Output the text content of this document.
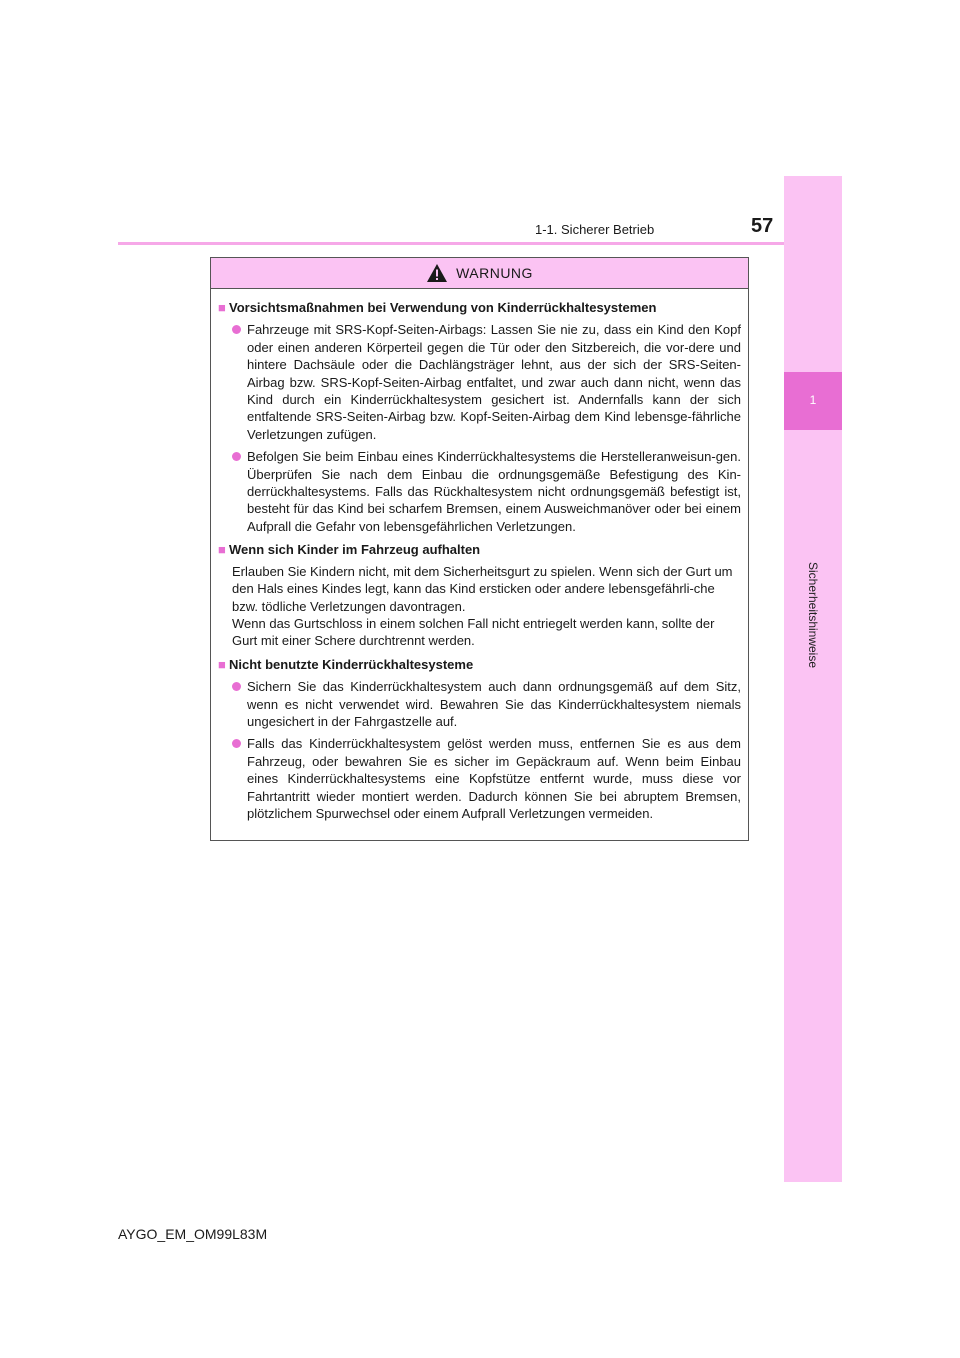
1
Sicherheitshinweise
1-1. Sicherer Betrieb	57
WARNUNG
■ Vorsichtsmaßnahmen bei Verwendung von Kinderrückhaltesystemen
Fahrzeuge mit SRS-Kopf-Seiten-Airbags: Lassen Sie nie zu, dass ein Kind den Kopf oder einen anderen Körperteil gegen die Tür oder den Sitzbereich, die vor-dere und hintere Dachsäule oder die Dachlängsträger lehnt, aus der sich der SRS-Seiten-Airbag bzw. SRS-Kopf-Seiten-Airbag entfaltet, und zwar auch dann nicht, wenn das Kind durch ein Kinderrückhaltesystem gesichert ist. Andernfalls kann der sich entfaltende SRS-Seiten-Airbag bzw. Kopf-Seiten-Airbag dem Kind lebensge-fährliche Verletzungen zufügen.
Befolgen Sie beim Einbau eines Kinderrückhaltesystems die Herstelleranweisun-gen. Überprüfen Sie nach dem Einbau die ordnungsgemäße Befestigung des Kin-derrückhaltesystems. Falls das Rückhaltesystem nicht ordnungsgemäß befestigt ist, besteht für das Kind bei scharfem Bremsen, einem Ausweichmanöver oder bei einem Aufprall die Gefahr von lebensgefährlichen Verletzungen.
■ Wenn sich Kinder im Fahrzeug aufhalten
Erlauben Sie Kindern nicht, mit dem Sicherheitsgurt zu spielen. Wenn sich der Gurt um den Hals eines Kindes legt, kann das Kind ersticken oder andere lebensgefährli-che bzw. tödliche Verletzungen davontragen.
Wenn das Gurtschloss in einem solchen Fall nicht entriegelt werden kann, sollte der Gurt mit einer Schere durchtrennt werden.
■ Nicht benutzte Kinderrückhaltesysteme
Sichern Sie das Kinderrückhaltesystem auch dann ordnungsgemäß auf dem Sitz, wenn es nicht verwendet wird. Bewahren Sie das Kinderrückhaltesystem niemals ungesichert in der Fahrgastzelle auf.
Falls das Kinderrückhaltesystem gelöst werden muss, entfernen Sie es aus dem Fahrzeug, oder bewahren Sie es sicher im Gepäckraum auf. Wenn beim Einbau eines Kinderrückhaltesystems eine Kopfstütze entfernt wurde, muss diese vor Fahrtantritt wieder montiert werden. Dadurch können Sie bei abruptem Bremsen, plötzlichem Spurwechsel oder einem Aufprall Verletzungen vermeiden.
AYGO_EM_OM99L83M
